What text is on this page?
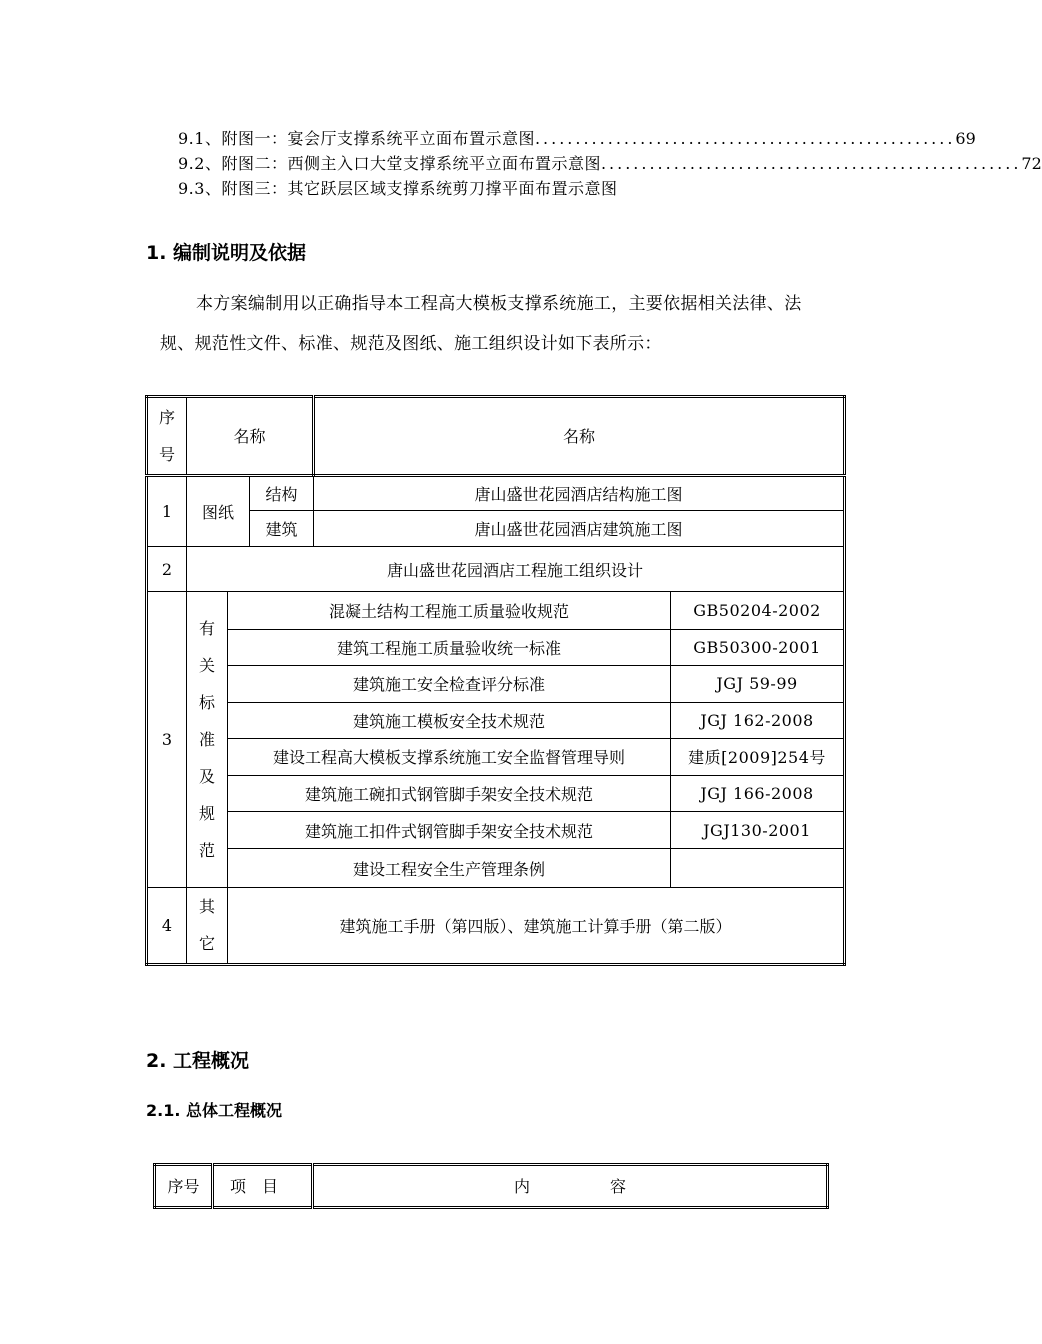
9.1、附图一：宴会厅支撑系统平立面布置示意图 .................................................... 69
9.2、附图二：西侧主入口大堂支撑系统平立面布置示意图 .................................................... 72
9.3、附图三：其它跃层区域支撑系统剪刀撑平面布置示意图
1. 编制说明及依据
本方案编制用以正确指导本工程高大模板支撑系统施工，主要依据相关法律、法规、规范性文件、标准、规范及图纸、施工组织设计如下表所示：
序号	名称			名称	
1	图纸		结构	唐山盛世花园酒店结构施工图	
			建筑	唐山盛世花园酒店建筑施工图	
2	唐山盛世花园酒店工程施工组织设计				
3	有关标准及规范	混凝土结构工程施工质量验收规范			GB50204-2002
		建筑工程施工质量验收统一标准			GB50300-2001
		建筑施工安全检查评分标准			JGJ 59-99
		建筑施工模板安全技术规范			JGJ 162-2008
		建设工程高大模板支撑系统施工安全监督管理导则			建质[2009]254号
		建筑施工碗扣式钢管脚手架安全技术规范			JGJ 166-2008
		建筑施工扣件式钢管脚手架安全技术规范			JGJ130-2001
		建设工程安全生产管理条例			
4	其它	建筑施工手册（第四版）、建筑施工计算手册（第二版）			
2. 工程概况
2.1. 总体工程概况
序号	项　目	内　　　　　容
